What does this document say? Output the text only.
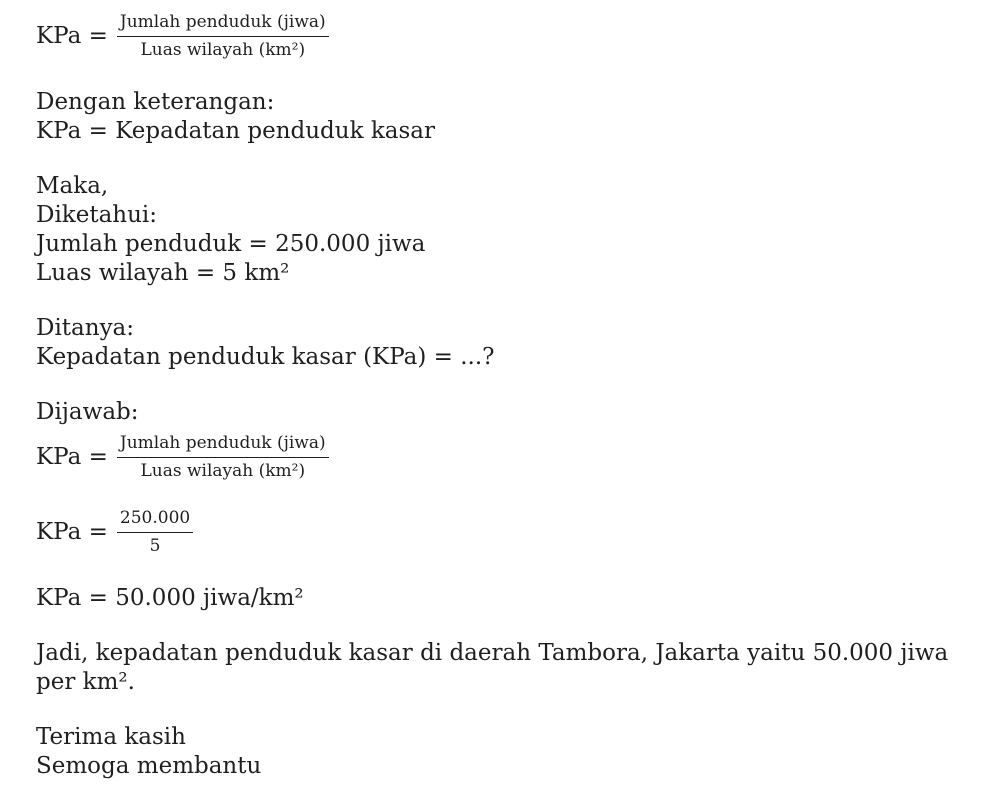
KPa = $\frac{\text{Jumlah penduduk (jiwa)}}{\text{Luas wilayah (km²)}}$

Dengan keterangan:

KPa = Kepadatan penduduk kasar

Maka,

Diketahui:

Jumlah penduduk = 250.000 jiwa

Luas wilayah = 5 km²

Ditanya:

Kepadatan penduduk kasar (KPa) = ...?

Dijawab:

KPa = $\frac{\text{Jumlah penduduk (jiwa)}}{\text{Luas wilayah (km²)}}$
KPa = $\frac{250.000}{5}$

KPa = 50.000 jiwa/km²

Jadi, kepadatan penduduk kasar di daerah Tambora, Jakarta yaitu 50.000 jiwa per km².

Terima kasih

Semoga membantu
